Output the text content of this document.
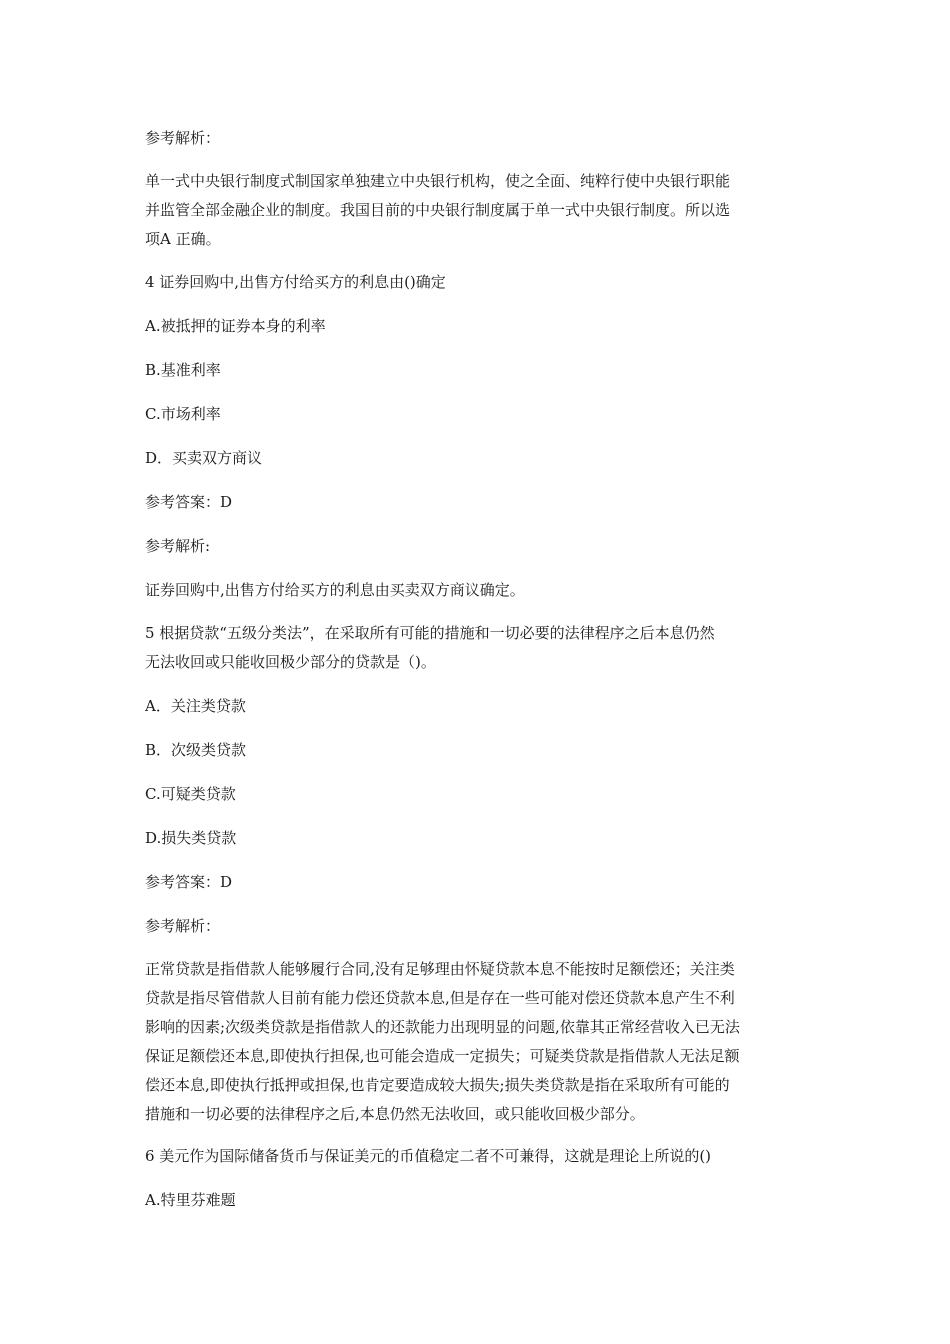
参考解析：
单一式中央银行制度式制国家单独建立中央银行机构，使之全面、纯粹行使中央银行职能
并监管全部金融企业的制度。我国目前的中央银行制度属于单一式中央银行制度。所以选
项A 正确。
4 证券回购中,出售方付给买方的利息由()确定
A.被抵押的证券本身的利率
B.基准利率
C.市场利率
D．买卖双方商议
参考答案：D
参考解析:
证券回购中,出售方付给买方的利息由买卖双方商议确定。
5 根据贷款“五级分类法”，在采取所有可能的措施和一切必要的法律程序之后本息仍然
无法收回或只能收回极少部分的贷款是（)。
A．关注类贷款
B．次级类贷款
C.可疑类贷款
D.损失类贷款
参考答案：D
参考解析：
正常贷款是指借款人能够履行合同,没有足够理由怀疑贷款本息不能按时足额偿还；关注类
贷款是指尽管借款人目前有能力偿还贷款本息,但是存在一些可能对偿还贷款本息产生不利
影响的因素;次级类贷款是指借款人的还款能力出现明显的问题,依靠其正常经营收入已无法
保证足额偿还本息,即使执行担保,也可能会造成一定损失；可疑类贷款是指借款人无法足额
偿还本息,即使执行抵押或担保,也肯定要造成较大损失;损失类贷款是指在采取所有可能的
措施和一切必要的法律程序之后,本息仍然无法收回，或只能收回极少部分。
6 美元作为国际储备货币与保证美元的币值稳定二者不可兼得，这就是理论上所说的()
A.特里芬难题
